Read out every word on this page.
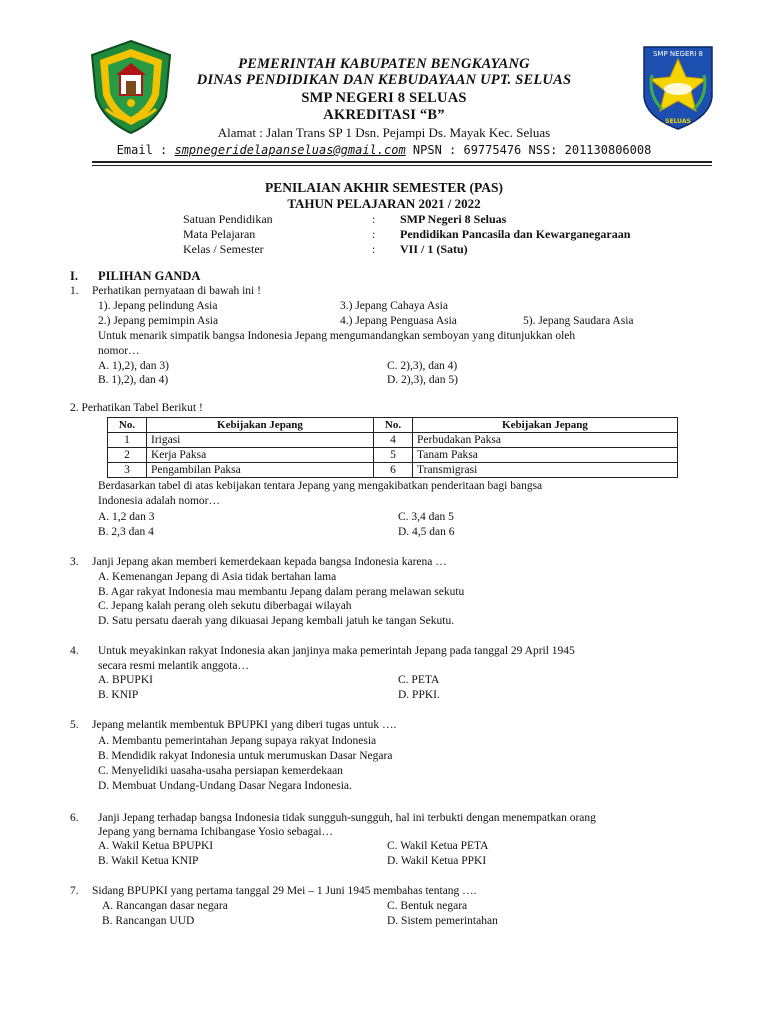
SMP NEGERI 8
SELUAS
PEMERINTAH KABUPATEN BENGKAYANG
DINAS PENDIDIKAN DAN KEBUDAYAAN UPT. SELUAS
SMP NEGERI 8 SELUAS
AKREDITASI “B”
Alamat : Jalan Trans SP 1 Dsn. Pejampi Ds. Mayak Kec. Seluas
Email : smpnegeridelapanseluas@gmail.com NPSN : 69775476 NSS: 201130806008
PENILAIAN AKHIR SEMESTER (PAS)
TAHUN PELAJARAN 2021 / 2022
Satuan Pendidikan	: SMP Negeri 8 Seluas
Mata Pelajaran	: Pendidikan Pancasila dan Kewarganegaraan
Kelas / Semester	: VII / 1 (Satu)
I. PILIHAN GANDA
1. Perhatikan pernyataan di bawah ini !
1). Jepang pelindung Asia	3.) Jepang Cahaya Asia
2.) Jepang pemimpin Asia	4.) Jepang Penguasa Asia	5). Jepang Saudara Asia
Untuk menarik simpatik bangsa Indonesia Jepang mengumandangkan semboyan yang ditunjukkan oleh
nomor…
A. 1),2), dan 3)	C. 2),3), dan 4)
B. 1),2), dan 4)	D. 2),3), dan 5)
2. Perhatikan Tabel Berikut !
No.	Kebijakan Jepang	No.	Kebijakan Jepang
1	Irigasi	4	Perbudakan Paksa
2	Kerja Paksa	5	Tanam Paksa
3	Pengambilan Paksa	6	Transmigrasi
Berdasarkan tabel di atas kebijakan tentara Jepang yang mengakibatkan penderitaan bagi bangsa
Indonesia adalah nomor…
A. 1,2 dan 3	C. 3,4 dan 5
B. 2,3 dan 4	D. 4,5 dan 6
3. Janji Jepang akan memberi kemerdekaan kepada bangsa Indonesia karena …
A. Kemenangan Jepang di Asia tidak bertahan lama
B. Agar rakyat Indonesia mau membantu Jepang dalam perang melawan sekutu
C. Jepang kalah perang oleh sekutu diberbagai wilayah
D. Satu persatu daerah yang dikuasai Jepang kembali jatuh ke tangan Sekutu.
4. Untuk meyakinkan rakyat Indonesia akan janjinya maka pemerintah Jepang pada tanggal 29 April 1945
secara resmi melantik anggota…
A. BPUPKI	C. PETA
B. KNIP	D. PPKI.
5. Jepang melantik membentuk BPUPKI yang diberi tugas untuk ….
A. Membantu pemerintahan Jepang supaya rakyat Indonesia
B. Mendidik rakyat Indonesia untuk merumuskan Dasar Negara
C. Menyelidiki uasaha-usaha persiapan kemerdekaan
D. Membuat Undang-Undang Dasar Negara Indonesia.
6. Janji Jepang terhadap bangsa Indonesia tidak sungguh-sungguh, hal ini terbukti dengan menempatkan orang
Jepang yang bernama Ichibangase Yosio sebagai…
A. Wakil Ketua BPUPKI	C. Wakil Ketua PETA
B. Wakil Ketua KNIP	D. Wakil Ketua PPKI
7. Sidang BPUPKI yang pertama tanggal 29 Mei – 1 Juni 1945 membahas tentang ….
A. Rancangan dasar negara	C. Bentuk negara
B. Rancangan UUD	D. Sistem pemerintahan
